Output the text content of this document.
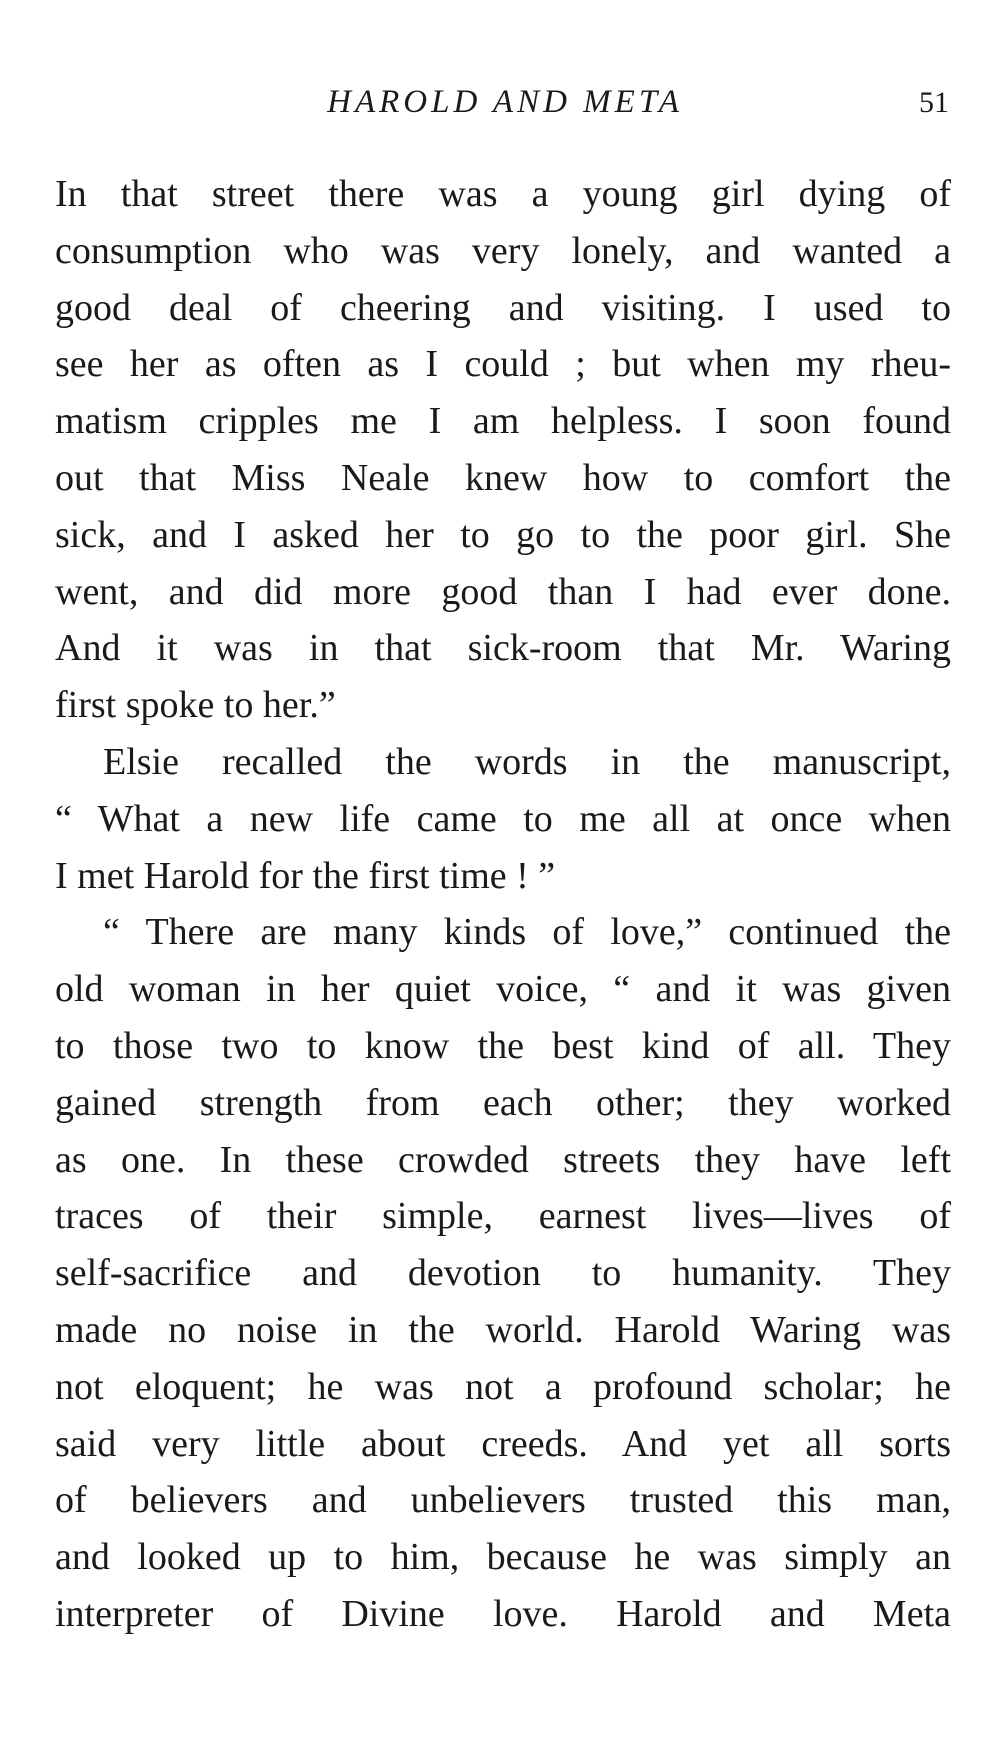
HAROLD AND META	51
In that street there was a young girl dying of
consumption who was very lonely, and wanted a
good deal of cheering and visiting. I used to
see her as often as I could ; but when my rheu-
matism cripples me I am helpless. I soon found
out that Miss Neale knew how to comfort the
sick, and I asked her to go to the poor girl. She
went, and did more good than I had ever done.
And it was in that sick-room that Mr. Waring
first spoke to her.”
Elsie recalled the words in the manuscript,
“ What a new life came to me all at once when
I met Harold for the first time ! ”
“ There are many kinds of love,” continued the
old woman in her quiet voice, “ and it was given
to those two to know the best kind of all. They
gained strength from each other; they worked
as one. In these crowded streets they have left
traces of their simple, earnest lives—lives of
self-sacrifice and devotion to humanity. They
made no noise in the world. Harold Waring was
not eloquent; he was not a profound scholar; he
said very little about creeds. And yet all sorts
of believers and unbelievers trusted this man,
and looked up to him, because he was simply an
interpreter of Divine love. Harold and Meta
